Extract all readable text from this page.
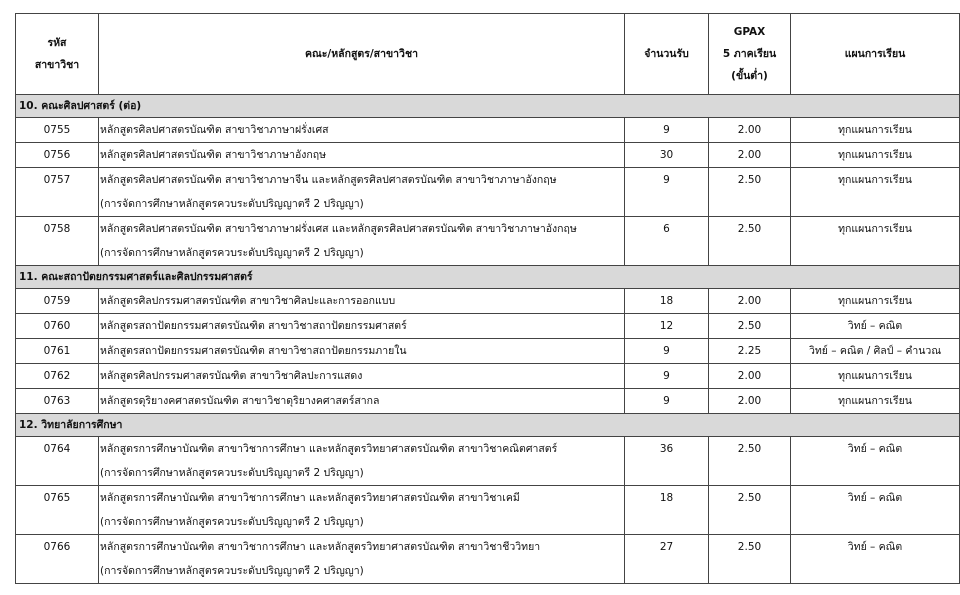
รหัส
สาขาวิชา	คณะ/หลักสูตร/สาขาวิชา	จำนวนรับ	GPAX
5 ภาคเรียน
(ขั้นต่ำ)	แผนการเรียน
10. คณะศิลปศาสตร์ (ต่อ)				
0755	หลักสูตรศิลปศาสตรบัณฑิต สาขาวิชาภาษาฝรั่งเศส	9	2.00	ทุกแผนการเรียน
0756	หลักสูตรศิลปศาสตรบัณฑิต สาขาวิชาภาษาอังกฤษ	30	2.00	ทุกแผนการเรียน
0757	หลักสูตรศิลปศาสตรบัณฑิต สาขาวิชาภาษาจีน และหลักสูตรศิลปศาสตรบัณฑิต สาขาวิชาภาษาอังกฤษ
(การจัดการศึกษาหลักสูตรควบระดับปริญญาตรี 2 ปริญญา)	9	2.50	ทุกแผนการเรียน
0758	หลักสูตรศิลปศาสตรบัณฑิต สาขาวิชาภาษาฝรั่งเศส และหลักสูตรศิลปศาสตรบัณฑิต สาขาวิชาภาษาอังกฤษ
(การจัดการศึกษาหลักสูตรควบระดับปริญญาตรี 2 ปริญญา)	6	2.50	ทุกแผนการเรียน
11. คณะสถาปัตยกรรมศาสตร์และศิลปกรรมศาสตร์				
0759	หลักสูตรศิลปกรรมศาสตรบัณฑิต สาขาวิชาศิลปะและการออกแบบ	18	2.00	ทุกแผนการเรียน
0760	หลักสูตรสถาปัตยกรรมศาสตรบัณฑิต สาขาวิชาสถาปัตยกรรมศาสตร์	12	2.50	วิทย์ – คณิต
0761	หลักสูตรสถาปัตยกรรมศาสตรบัณฑิต สาขาวิชาสถาปัตยกรรมภายใน	9	2.25	วิทย์ – คณิต / ศิลป์ – คำนวณ
0762	หลักสูตรศิลปกรรมศาสตรบัณฑิต สาขาวิชาศิลปะการแสดง	9	2.00	ทุกแผนการเรียน
0763	หลักสูตรดุริยางคศาสตรบัณฑิต สาขาวิชาดุริยางคศาสตร์สากล	9	2.00	ทุกแผนการเรียน
12. วิทยาลัยการศึกษา				
0764	หลักสูตรการศึกษาบัณฑิต สาขาวิชาการศึกษา และหลักสูตรวิทยาศาสตรบัณฑิต สาขาวิชาคณิตศาสตร์
(การจัดการศึกษาหลักสูตรควบระดับปริญญาตรี 2 ปริญญา)	36	2.50	วิทย์ – คณิต
0765	หลักสูตรการศึกษาบัณฑิต สาขาวิชาการศึกษา และหลักสูตรวิทยาศาสตรบัณฑิต สาขาวิชาเคมี
(การจัดการศึกษาหลักสูตรควบระดับปริญญาตรี 2 ปริญญา)	18	2.50	วิทย์ – คณิต
0766	หลักสูตรการศึกษาบัณฑิต สาขาวิชาการศึกษา และหลักสูตรวิทยาศาสตรบัณฑิต สาขาวิชาชีววิทยา
(การจัดการศึกษาหลักสูตรควบระดับปริญญาตรี 2 ปริญญา)	27	2.50	วิทย์ – คณิต
